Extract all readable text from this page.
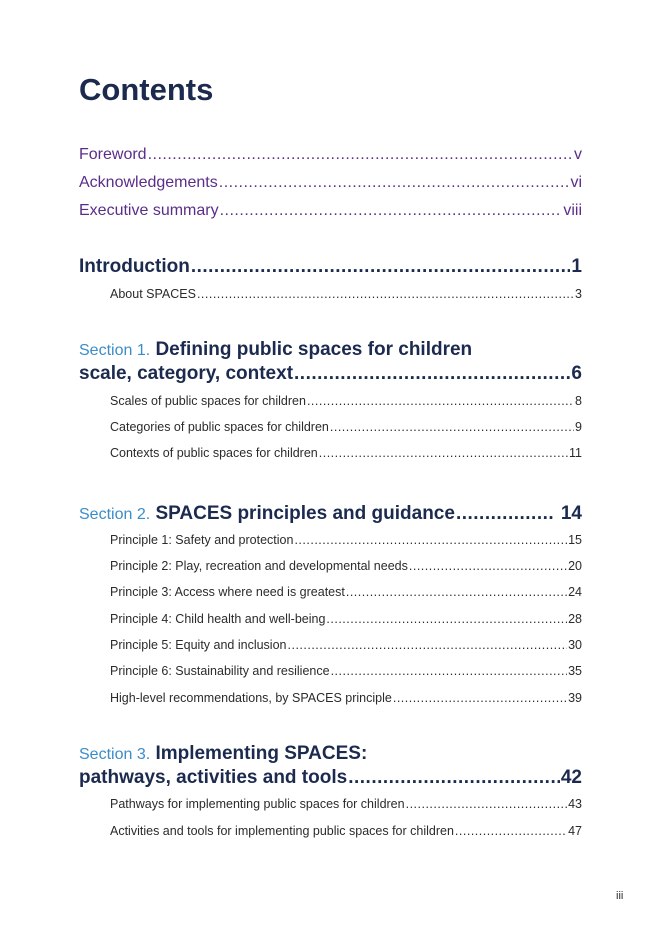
Contents
Foreword .....	v
Acknowledgements .....	vi
Executive summary .....	viii
Introduction .....	1
About SPACES .....	3
Section 1. Defining public spaces for children
scale, category, context .....	6
Scales of public spaces for children .....	8
Categories of public spaces for children .....	9
Contexts of public spaces for children .....	11
Section 2. SPACES principles and guidance .....	14
Principle 1: Safety and protection .....	15
Principle 2: Play, recreation and developmental needs .....	20
Principle 3: Access where need is greatest .....	24
Principle 4: Child health and well-being .....	28
Principle 5: Equity and inclusion .....	30
Principle 6: Sustainability and resilience .....	35
High-level recommendations, by SPACES principle .....	39
Section 3. Implementing SPACES:
pathways, activities and tools .....	42
Pathways for implementing public spaces for children .....	43
Activities and tools for implementing public spaces for children .....	47
iii
